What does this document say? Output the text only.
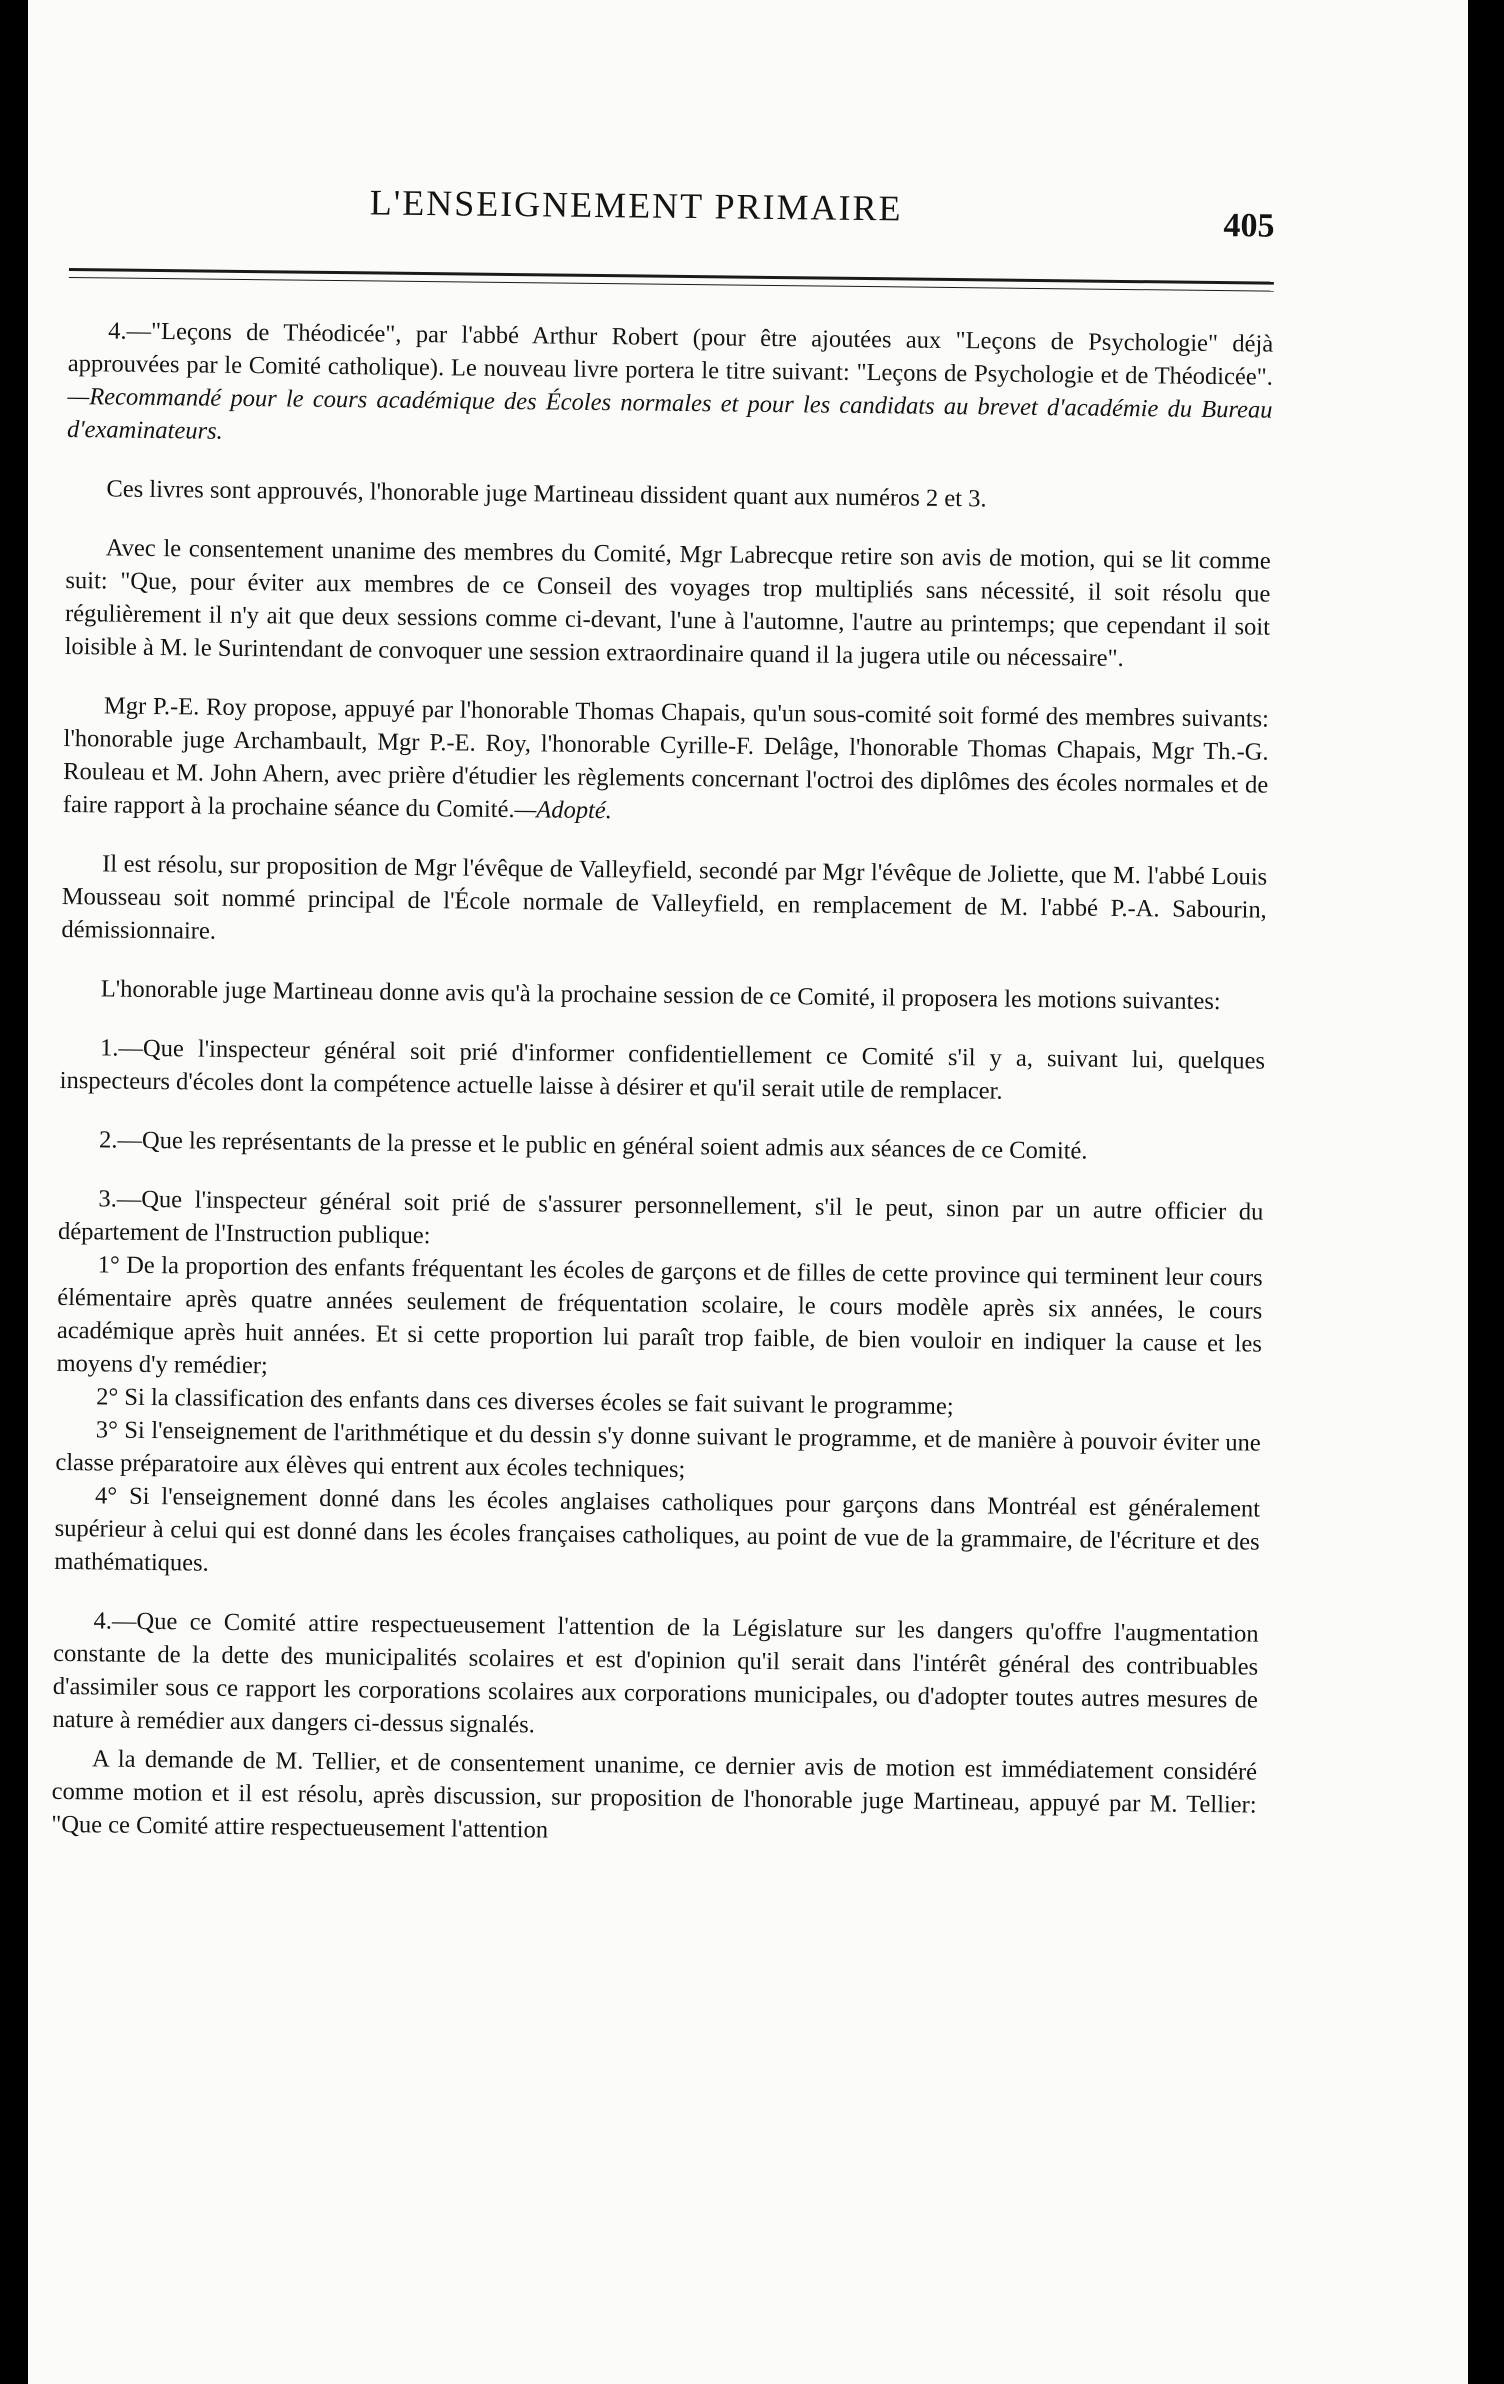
L'ENSEIGNEMENT PRIMAIRE	405

4.—"Leçons de Théodicée", par l'abbé Arthur Robert (pour être ajoutées aux "Leçons de Psychologie" déjà approuvées par le Comité catholique). Le nouveau livre portera le titre suivant: "Leçons de Psychologie et de Théodicée".—Recommandé pour le cours académique des Écoles normales et pour les candidats au brevet d'académie du Bureau d'examinateurs.

Ces livres sont approuvés, l'honorable juge Martineau dissident quant aux numéros 2 et 3.

Avec le consentement unanime des membres du Comité, Mgr Labrecque retire son avis de motion, qui se lit comme suit: "Que, pour éviter aux membres de ce Conseil des voyages trop multipliés sans nécessité, il soit résolu que régulièrement il n'y ait que deux sessions comme ci-devant, l'une à l'automne, l'autre au printemps; que cependant il soit loisible à M. le Surintendant de convoquer une session extraordinaire quand il la jugera utile ou nécessaire".

Mgr P.-E. Roy propose, appuyé par l'honorable Thomas Chapais, qu'un sous-comité soit formé des membres suivants: l'honorable juge Archambault, Mgr P.-E. Roy, l'honorable Cyrille-F. Delâge, l'honorable Thomas Chapais, Mgr Th.-G. Rouleau et M. John Ahern, avec prière d'étudier les règlements concernant l'octroi des diplômes des écoles normales et de faire rapport à la prochaine séance du Comité.—Adopté.

Il est résolu, sur proposition de Mgr l'évêque de Valleyfield, secondé par Mgr l'évêque de Joliette, que M. l'abbé Louis Mousseau soit nommé principal de l'École normale de Valleyfield, en remplacement de M. l'abbé P.-A. Sabourin, démissionnaire.

L'honorable juge Martineau donne avis qu'à la prochaine session de ce Comité, il proposera les motions suivantes:

1.—Que l'inspecteur général soit prié d'informer confidentiellement ce Comité s'il y a, suivant lui, quelques inspecteurs d'écoles dont la compétence actuelle laisse à désirer et qu'il serait utile de remplacer.

2.—Que les représentants de la presse et le public en général soient admis aux séances de ce Comité.

3.—Que l'inspecteur général soit prié de s'assurer personnellement, s'il le peut, sinon par un autre officier du département de l'Instruction publique:

1° De la proportion des enfants fréquentant les écoles de garçons et de filles de cette province qui terminent leur cours élémentaire après quatre années seulement de fréquentation scolaire, le cours modèle après six années, le cours académique après huit années. Et si cette proportion lui paraît trop faible, de bien vouloir en indiquer la cause et les moyens d'y remédier;

2° Si la classification des enfants dans ces diverses écoles se fait suivant le programme;

3° Si l'enseignement de l'arithmétique et du dessin s'y donne suivant le programme, et de manière à pouvoir éviter une classe préparatoire aux élèves qui entrent aux écoles techniques;

4° Si l'enseignement donné dans les écoles anglaises catholiques pour garçons dans Montréal est généralement supérieur à celui qui est donné dans les écoles françaises catholiques, au point de vue de la grammaire, de l'écriture et des mathématiques.

4.—Que ce Comité attire respectueusement l'attention de la Législature sur les dangers qu'offre l'augmentation constante de la dette des municipalités scolaires et est d'opinion qu'il serait dans l'intérêt général des contribuables d'assimiler sous ce rapport les corporations scolaires aux corporations municipales, ou d'adopter toutes autres mesures de nature à remédier aux dangers ci-dessus signalés.

A la demande de M. Tellier, et de consentement unanime, ce dernier avis de motion est immédiatement considéré comme motion et il est résolu, après discussion, sur proposition de l'honorable juge Martineau, appuyé par M. Tellier: "Que ce Comité attire respectueusement l'attention
